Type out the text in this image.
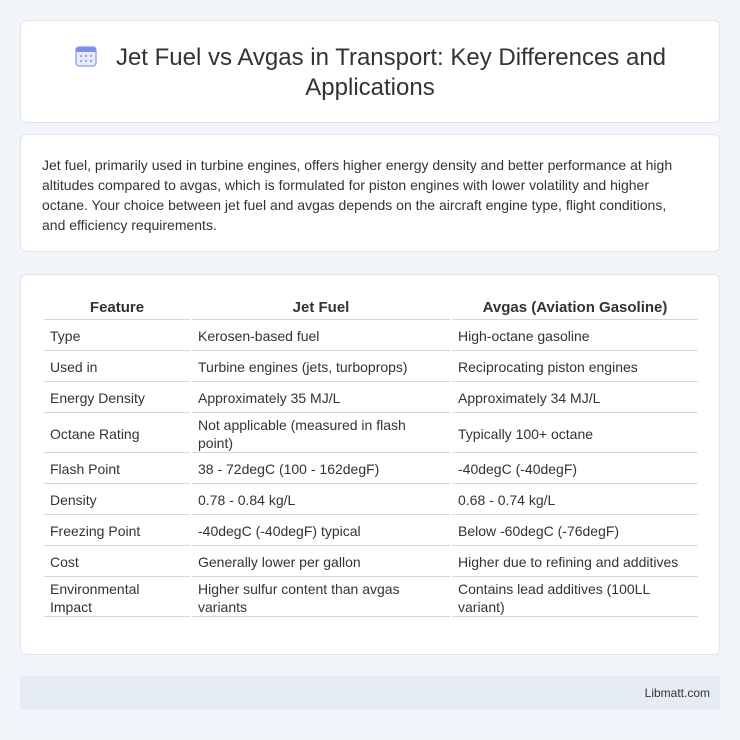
Jet Fuel vs Avgas in Transport: Key Differences and Applications

Jet fuel, primarily used in turbine engines, offers higher energy density and better performance at high altitudes compared to avgas, which is formulated for piston engines with lower volatility and higher octane. Your choice between jet fuel and avgas depends on the aircraft engine type, flight conditions, and efficiency requirements.

Feature	Jet Fuel	Avgas (Aviation Gasoline)
Type	Kerosen-based fuel	High-octane gasoline
Used in	Turbine engines (jets, turboprops)	Reciprocating piston engines
Energy Density	Approximately 35 MJ/L	Approximately 34 MJ/L
Octane Rating	Not applicable (measured in flash point)	Typically 100+ octane
Flash Point	38 - 72degC (100 - 162degF)	-40degC (-40degF)
Density	0.78 - 0.84 kg/L	0.68 - 0.74 kg/L
Freezing Point	-40degC (-40degF) typical	Below -60degC (-76degF)
Cost	Generally lower per gallon	Higher due to refining and additives
Environmental Impact	Higher sulfur content than avgas variants	Contains lead additives (100LL variant)
Libmatt.com
